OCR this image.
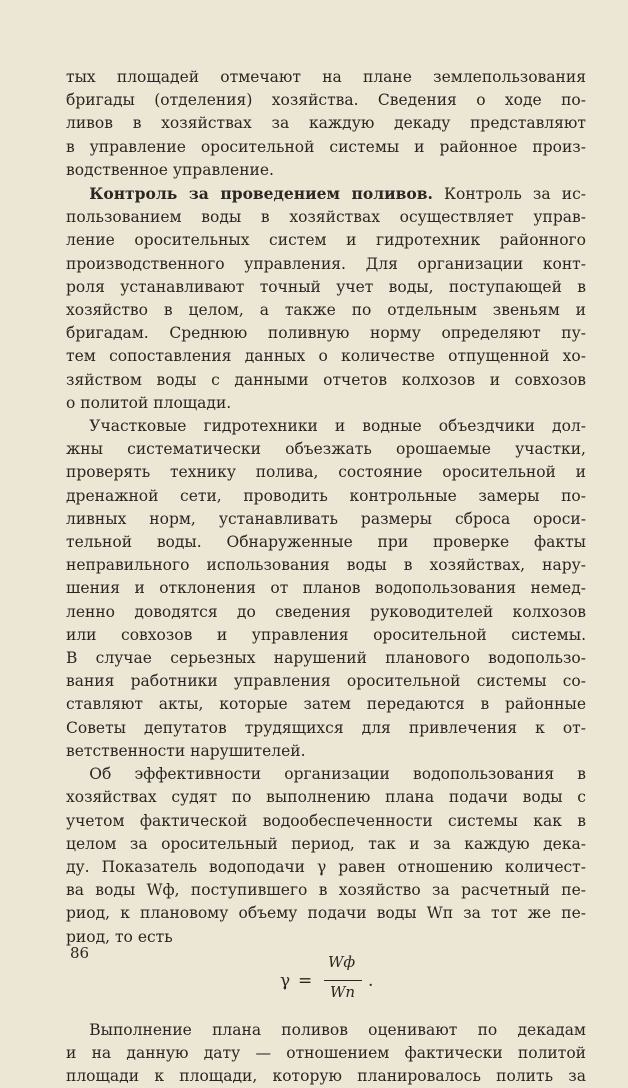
тых площадей отмечают на плане землепользования
бригады (отделения) хозяйства. Сведения о ходе по-
ливов в хозяйствах за каждую декаду представляют
в управление оросительной системы и районное произ-
водственное управление.

Контроль за проведением поливов. Контроль за ис-
пользованием воды в хозяйствах осуществляет управ-
ление оросительных систем и гидротехник районного
производственного управления. Для организации конт-
роля устанавливают точный учет воды, поступающей в
хозяйство в целом, а также по отдельным звеньям и
бригадам. Среднюю поливную норму определяют пу-
тем сопоставления данных о количестве отпущенной хо-
зяйством воды с данными отчетов колхозов и совхозов
о политой площади.

Участковые гидротехники и водные объездчики дол-
жны систематически объезжать орошаемые участки,
проверять технику полива, состояние оросительной и
дренажной сети, проводить контрольные замеры по-
ливных норм, устанавливать размеры сброса ороси-
тельной воды. Обнаруженные при проверке факты
неправильного использования воды в хозяйствах, нару-
шения и отклонения от планов водопользования немед-
ленно доводятся до сведения руководителей колхозов
или совхозов и управления оросительной системы.
В случае серьезных нарушений планового водопользо-
вания работники управления оросительной системы со-
ставляют акты, которые затем передаются в районные
Советы депутатов трудящихся для привлечения к от-
ветственности нарушителей.

Об эффективности организации водопользования в
хозяйствах судят по выполнению плана подачи воды с
учетом фактической водообеспеченности системы как в
целом за оросительный период, так и за каждую дека-
ду. Показатель водоподачи γ равен отношению количест-
ва воды Wф, поступившего в хозяйство за расчетный пе-
риод, к плановому объему подачи воды Wп за тот же пе-
риод, то есть

γ =
Wф
Wп
.

Выполнение плана поливов оценивают по декадам
и на данную дату — отношением фактически политой
площади к площади, которую планировалось полить за

86
